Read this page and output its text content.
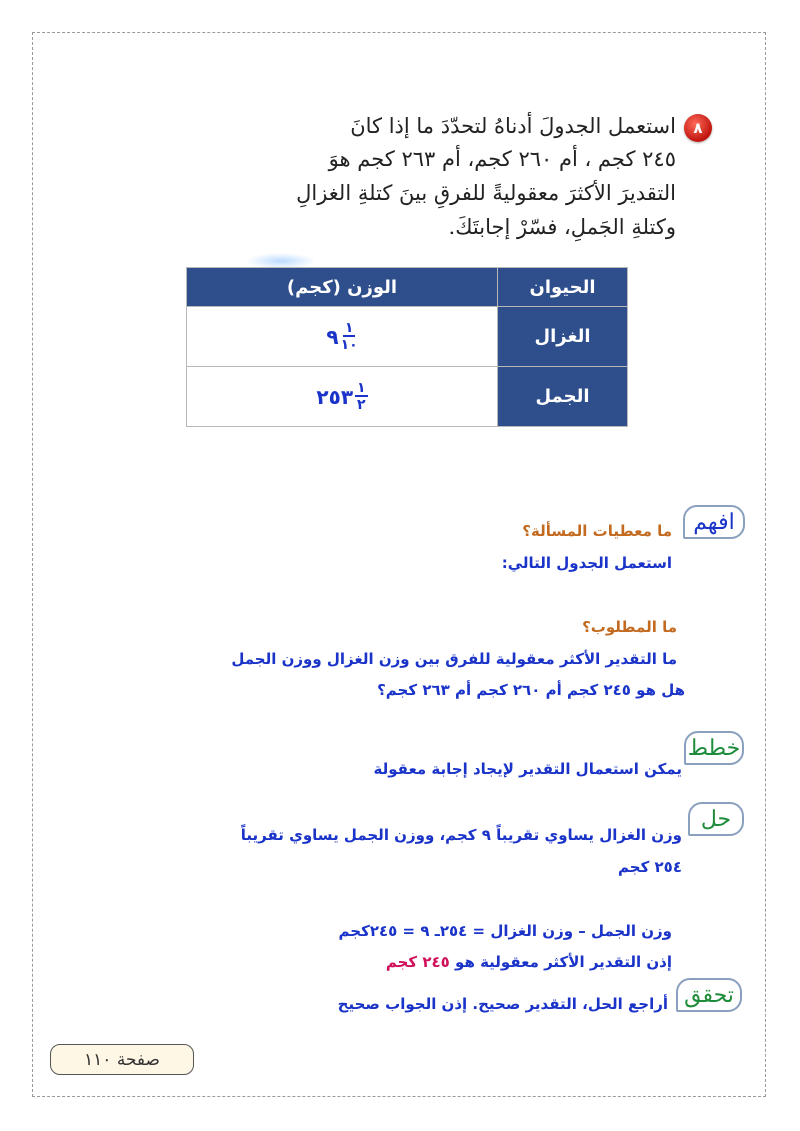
٨
استعمل الجدولَ أدناهُ لتحدّدَ ما إذا كانَ
٢٤٥ كجم ، أم ٢٦٠ كجم، أم ٢٦٣ كجم هوَ
التقديرَ الأكثرَ معقوليةً للفرقِ بينَ كتلةِ الغزالِ
وكتلةِ الجَملِ، فسّرْ إجابتَكَ.
الحيوان	الوزن (كجم)
الغزال	٩ $\frac{١}{١٠}$

الجمل	٢٥٣ $\frac{١}{٢}$
افهم
ما معطيات المسألة؟
استعمل الجدول التالي:
ما المطلوب؟
ما التقدير الأكثر معقولية للفرق بين وزن الغزال ووزن الجمل
هل هو ٢٤٥ كجم أم ٢٦٠ كجم أم ٢٦٣ كجم؟
خطط
يمكن استعمال التقدير لإيجاد إجابة معقولة
حل
وزن الغزال يساوي تقريباً ٩ كجم، ووزن الجمل يساوي تقريباً
٢٥٤ كجم
وزن الجمل – وزن الغزال = ٢٥٤ـ ٩ = ٢٤٥كجم
إذن التقدير الأكثر معقولية هو ٢٤٥ كجم
تحقق
أراجع الحل، التقدير صحيح. إذن الجواب صحيح
صفحة ١١٠
